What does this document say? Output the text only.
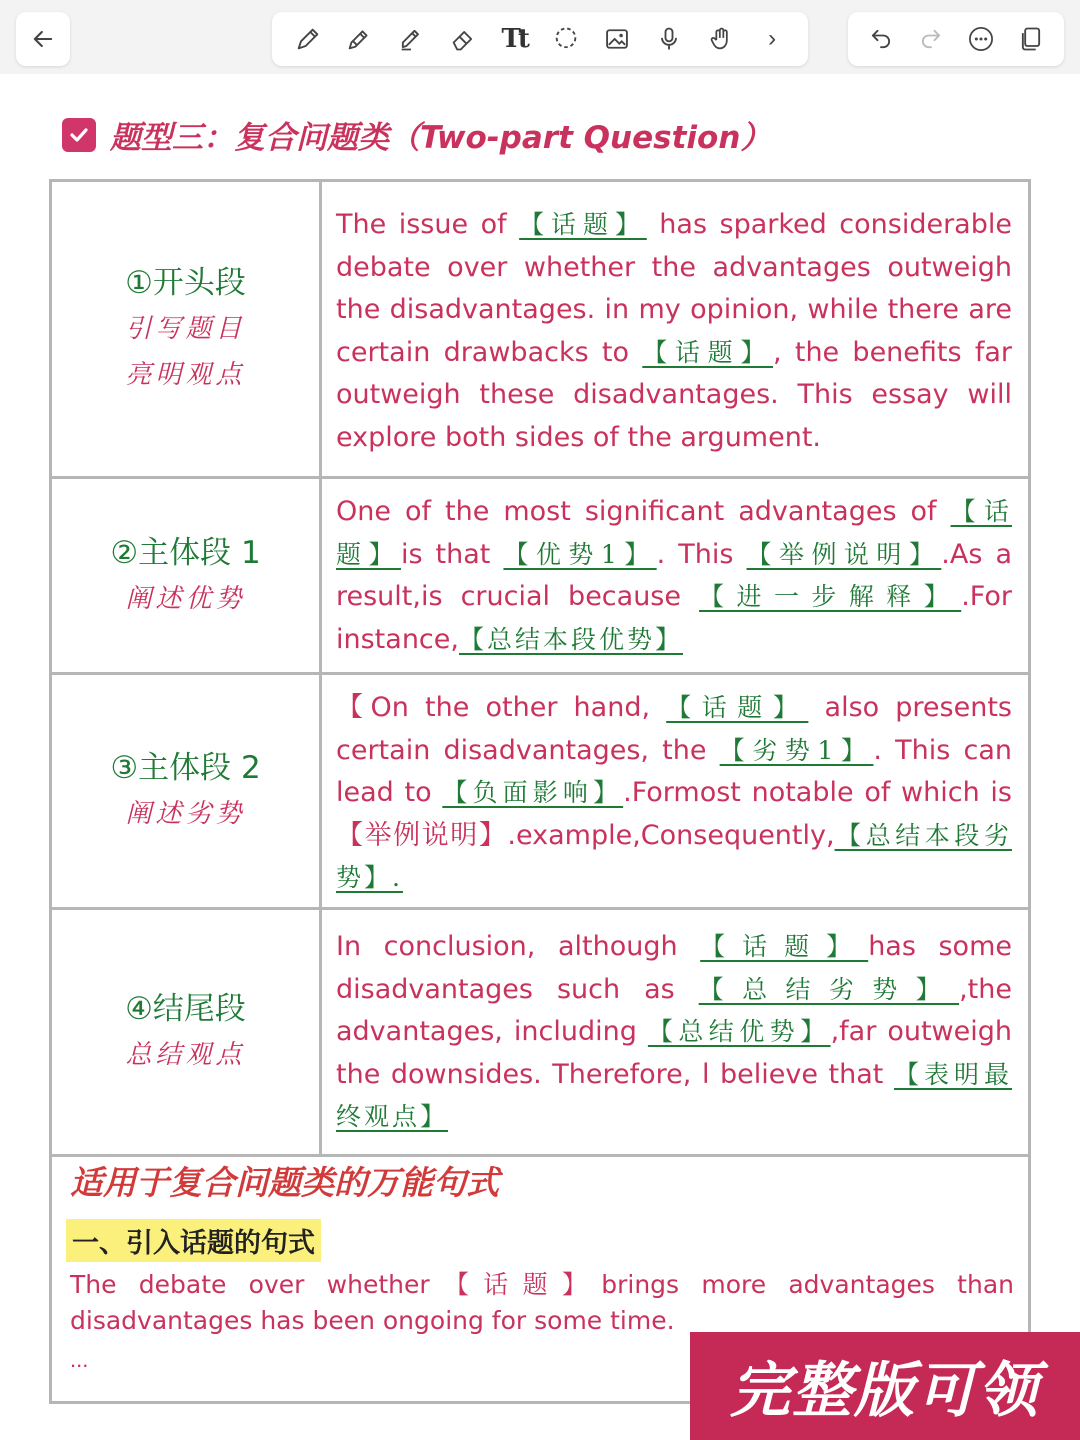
Tt	›
题型三：复合问题类（Two-part Question）
①开头段
引写题目
亮明观点

The issue of 【话题】 has sparked considerable debate over whether the advantages outweigh the disadvantages. in my opinion, while there are certain drawbacks to 【话题】, the benefits far outweigh these disadvantages. This essay will explore both sides of the argument.

②主体段 1
阐述优势

One of the most significant advantages of 【话题】is that 【优势1】. This 【举例说明】.As a result,is crucial because 【进一步解释】.For instance,【总结本段优势】

③主体段 2
阐述劣势

【On the other hand, 【话题】 also presents certain disadvantages, the 【劣势1】. This can lead to 【负面影响】.Formost notable of which is 【举例说明】.example,Consequently,【总结本段劣势】.

④结尾段
总结观点

In conclusion, although 【话题】has some disadvantages such as 【总结劣势】,the advantages, including 【总结优势】,far outweigh the downsides. Therefore, l believe that 【表明最终观点】

适用于复合问题类的万能句式
一、引入话题的句式

The debate over whether【话题】brings more advantages than disadvantages has been ongoing for some time.

...	完整版可领
